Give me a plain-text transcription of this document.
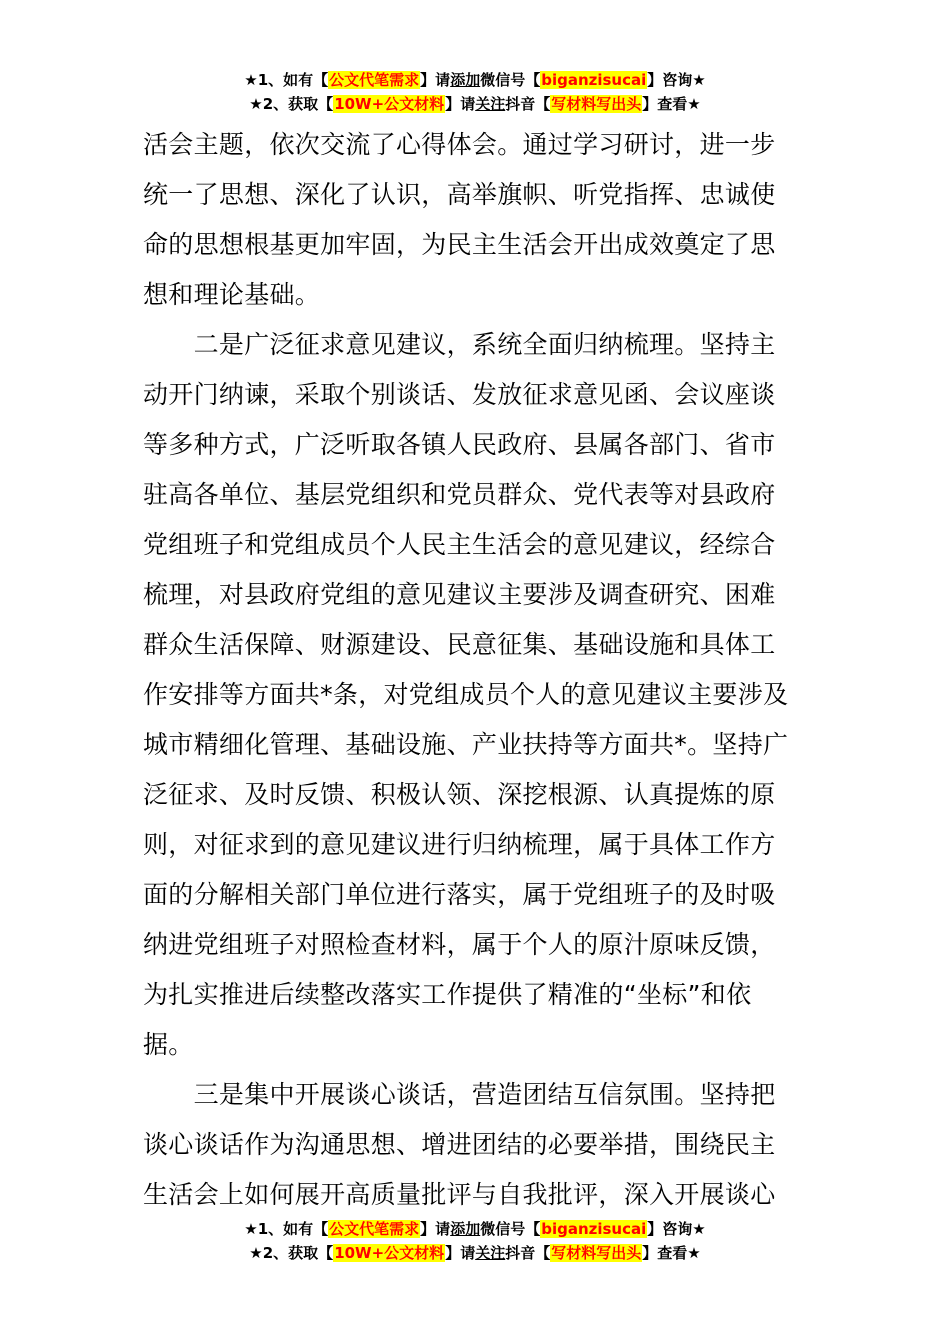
★1、如有【公文代笔需求】请添加微信号【biganzisucai】咨询★
★2、获取【10W+公文材料】请关注抖音【写材料写出头】查看★
活会主题，依次交流了心得体会。通过学习研讨，进一步
统一了思想、深化了认识，高举旗帜、听党指挥、忠诚使
命的思想根基更加牢固，为民主生活会开出成效奠定了思
想和理论基础。
　　二是广泛征求意见建议，系统全面归纳梳理。坚持主
动开门纳谏，采取个别谈话、发放征求意见函、会议座谈
等多种方式，广泛听取各镇人民政府、县属各部门、省市
驻高各单位、基层党组织和党员群众、党代表等对县政府
党组班子和党组成员个人民主生活会的意见建议，经综合
梳理，对县政府党组的意见建议主要涉及调查研究、困难
群众生活保障、财源建设、民意征集、基础设施和具体工
作安排等方面共*条，对党组成员个人的意见建议主要涉及
城市精细化管理、基础设施、产业扶持等方面共*。坚持广
泛征求、及时反馈、积极认领、深挖根源、认真提炼的原
则，对征求到的意见建议进行归纳梳理，属于具体工作方
面的分解相关部门单位进行落实，属于党组班子的及时吸
纳进党组班子对照检查材料，属于个人的原汁原味反馈，
为扎实推进后续整改落实工作提供了精准的“坐标”和依
据。
　　三是集中开展谈心谈话，营造团结互信氛围。坚持把
谈心谈话作为沟通思想、增进团结的必要举措，围绕民主
生活会上如何展开高质量批评与自我批评，深入开展谈心
★1、如有【公文代笔需求】请添加微信号【biganzisucai】咨询★
★2、获取【10W+公文材料】请关注抖音【写材料写出头】查看★
